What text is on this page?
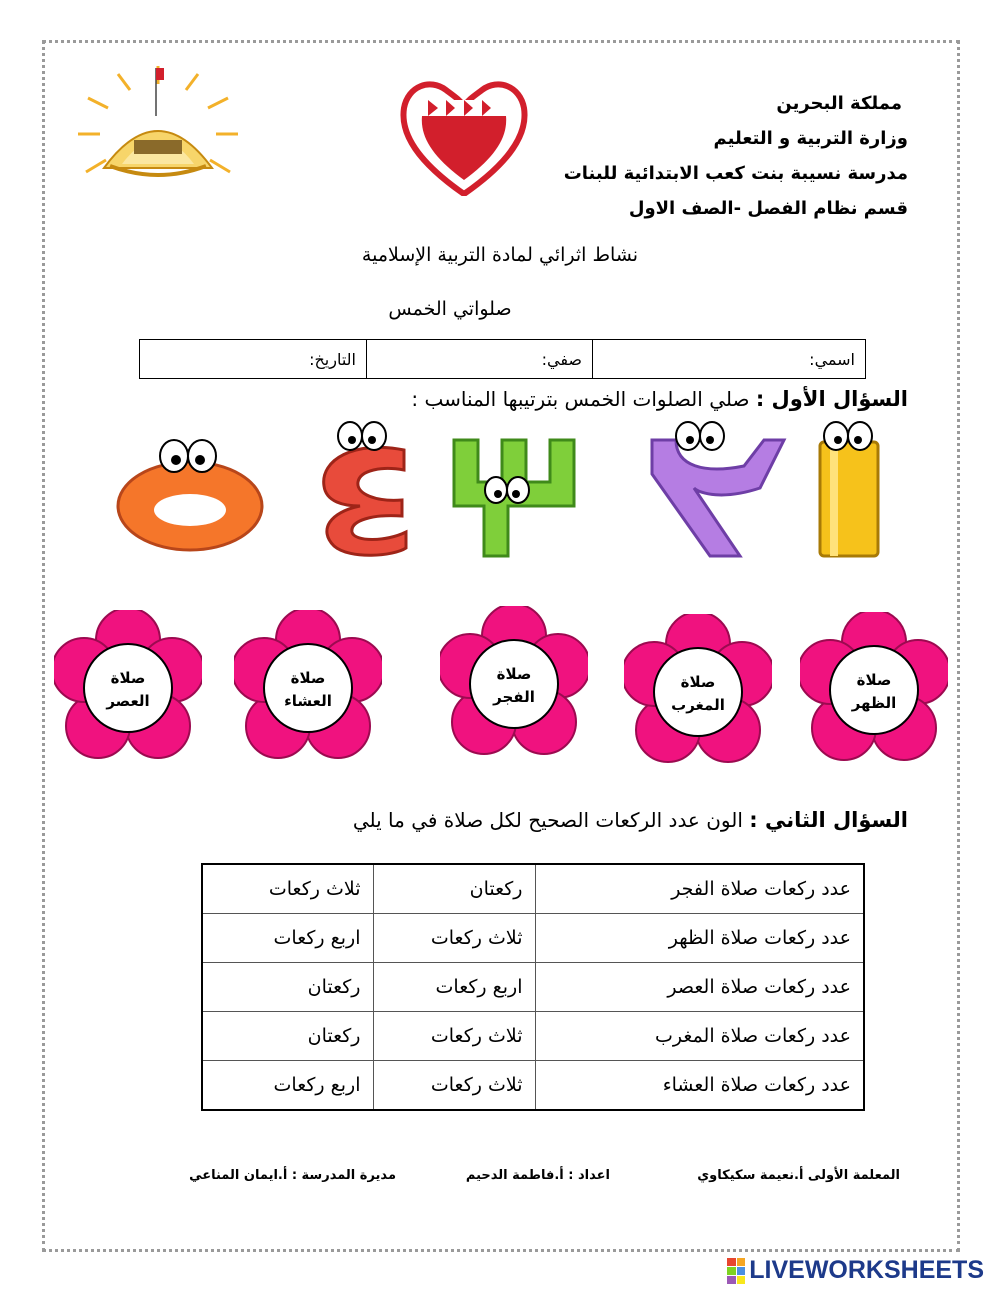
مملكة البحرين
وزارة التربية و التعليم
مدرسة نسيبة بنت كعب الابتدائية للبنات
قسم نظام الفصل -الصف الاول
نشاط اثرائي لمادة التربية الإسلامية
صلواتي الخمس
اسمي:
صفي:
التاريخ:
السؤال الأول : صلي الصلوات الخمس بترتيبها المناسب :
٥	٣
صلاة
الظهر
صلاة
المغرب
صلاة
الفجر
صلاة
العشاء
صلاة
العصر
السؤال الثاني : الون عدد الركعات الصحيح لكل صلاة في ما يلي
عدد ركعات صلاة الفجر	ركعتان	ثلاث ركعات
عدد ركعات صلاة الظهر	ثلاث ركعات	اربع ركعات
عدد ركعات صلاة العصر	اربع ركعات	ركعتان
عدد ركعات صلاة المغرب	ثلاث ركعات	ركعتان
عدد ركعات صلاة العشاء	ثلاث ركعات	اربع ركعات
المعلمة الأولى أ.نعيمة سكيكاوي
اعداد : أ.فاطمة الدحيم
مديرة المدرسة : أ.ايمان المناعي
LIVEWORKSHEETS
